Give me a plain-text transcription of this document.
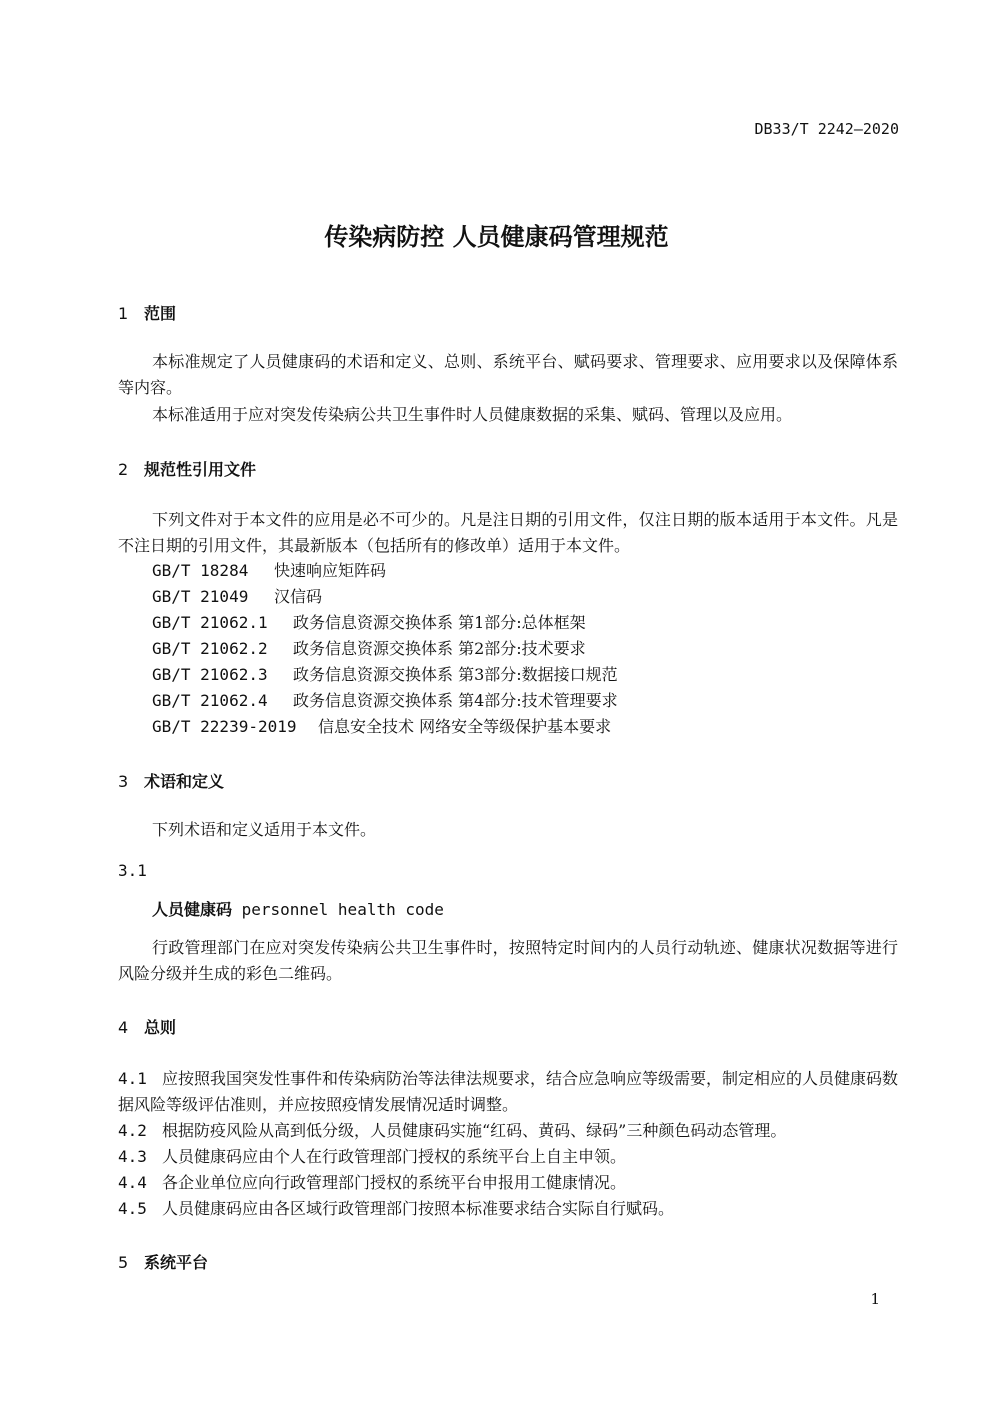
DB33/T 2242—2020
传染病防控 人员健康码管理规范
1 范围
本标准规定了人员健康码的术语和定义、总则、系统平台、赋码要求、管理要求、应用要求以及保障体系等内容。
本标准适用于应对突发传染病公共卫生事件时人员健康数据的采集、赋码、管理以及应用。
2 规范性引用文件
下列文件对于本文件的应用是必不可少的。凡是注日期的引用文件，仅注日期的版本适用于本文件。凡是不注日期的引用文件，其最新版本（包括所有的修改单）适用于本文件。
GB/T 18284 快速响应矩阵码
GB/T 21049 汉信码
GB/T 21062.1 政务信息资源交换体系 第1部分:总体框架
GB/T 21062.2 政务信息资源交换体系 第2部分:技术要求
GB/T 21062.3 政务信息资源交换体系 第3部分:数据接口规范
GB/T 21062.4 政务信息资源交换体系 第4部分:技术管理要求
GB/T 22239-2019 信息安全技术 网络安全等级保护基本要求
3 术语和定义
下列术语和定义适用于本文件。
3.1
人员健康码 personnel health code
行政管理部门在应对突发传染病公共卫生事件时，按照特定时间内的人员行动轨迹、健康状况数据等进行风险分级并生成的彩色二维码。
4 总则
4.1 应按照我国突发性事件和传染病防治等法律法规要求，结合应急响应等级需要，制定相应的人员健康码数据风险等级评估准则，并应按照疫情发展情况适时调整。
4.2 根据防疫风险从高到低分级，人员健康码实施“红码、黄码、绿码”三种颜色码动态管理。
4.3 人员健康码应由个人在行政管理部门授权的系统平台上自主申领。
4.4 各企业单位应向行政管理部门授权的系统平台申报用工健康情况。
4.5 人员健康码应由各区域行政管理部门按照本标准要求结合实际自行赋码。
5 系统平台
1
